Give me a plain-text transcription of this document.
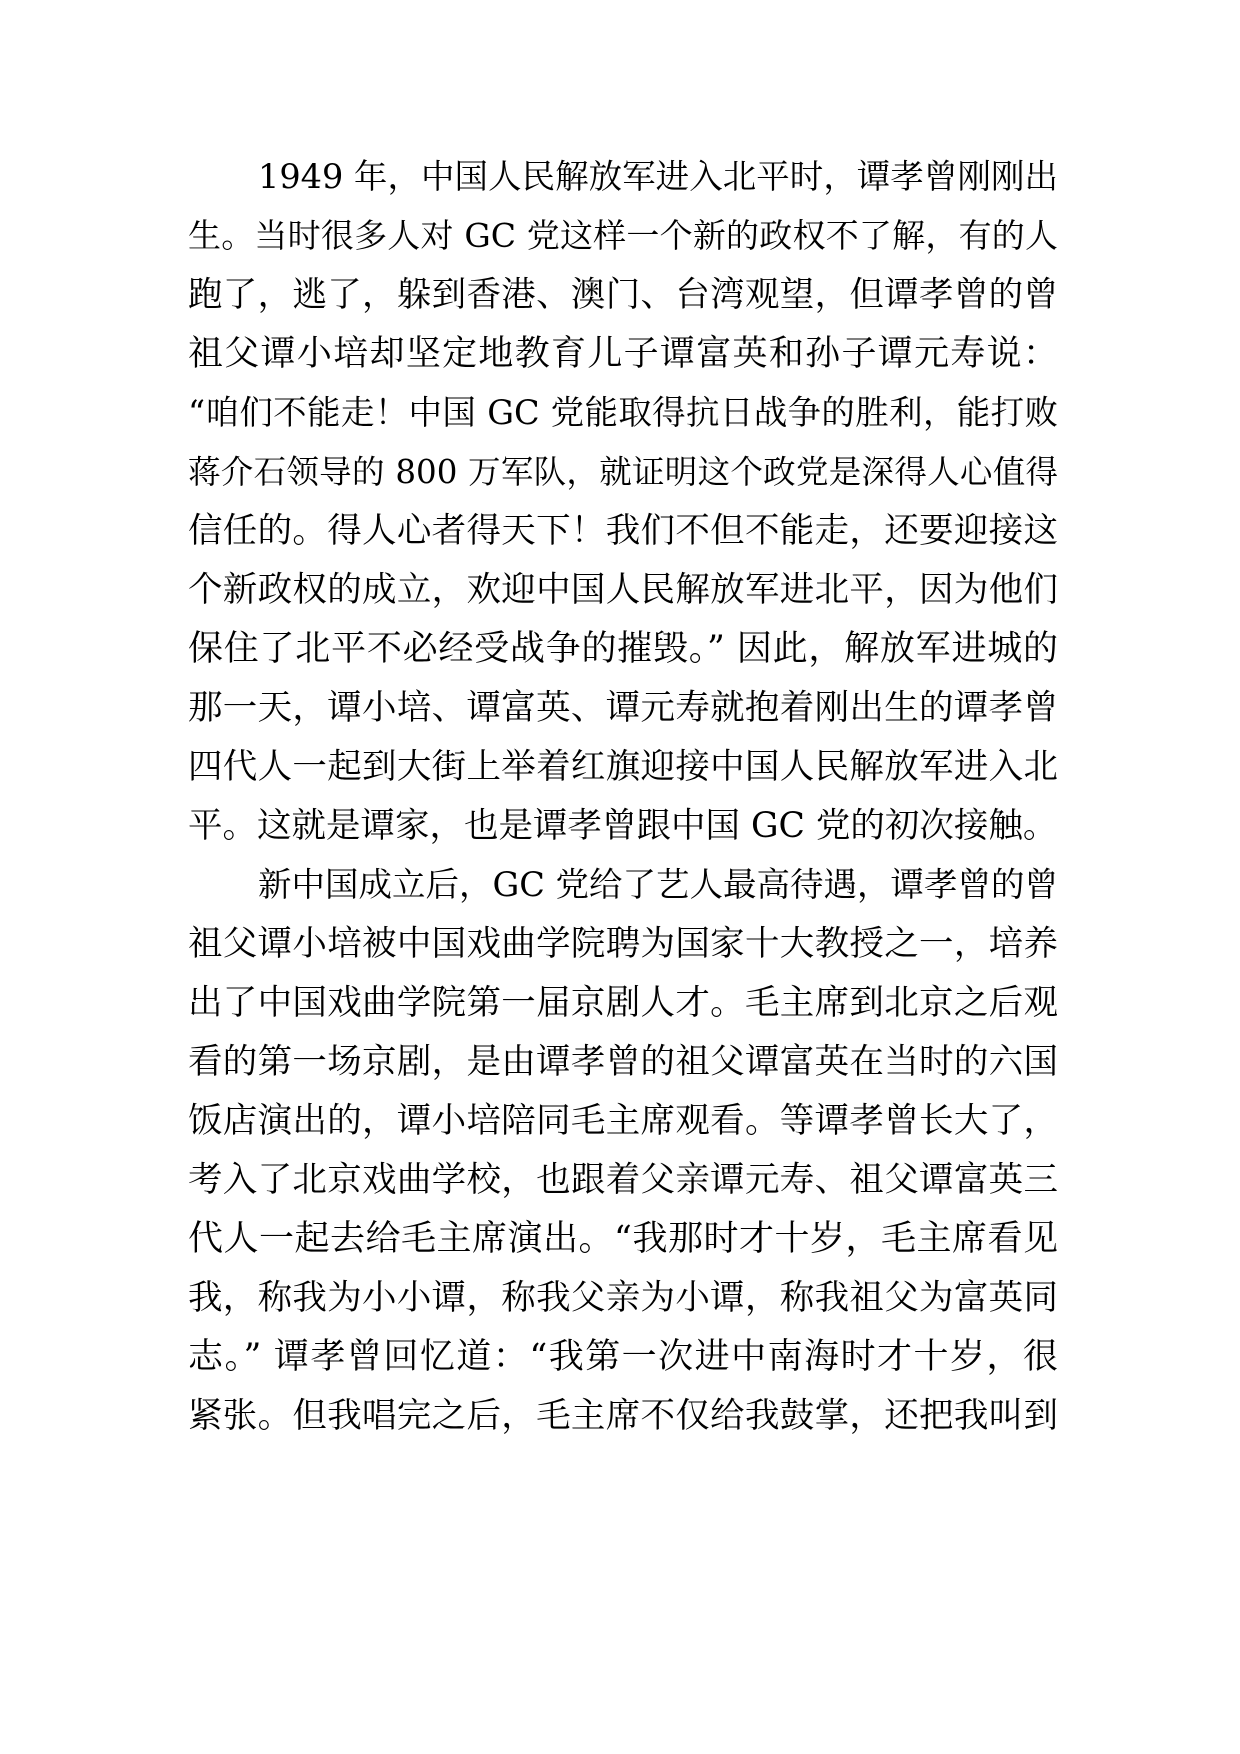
1949 年，中国人民解放军进入北平时，谭孝曾刚刚出
生。当时很多人对 GC 党这样一个新的政权不了解，有的人
跑了，逃了，躲到香港、澳门、台湾观望，但谭孝曾的曾
祖父谭小培却坚定地教育儿子谭富英和孙子谭元寿说：
“咱们不能走！中国 GC 党能取得抗日战争的胜利，能打败
蒋介石领导的 800 万军队，就证明这个政党是深得人心值得
信任的。得人心者得天下！我们不但不能走，还要迎接这
个新政权的成立，欢迎中国人民解放军进北平，因为他们
保住了北平不必经受战争的摧毁。” 因此，解放军进城的
那一天，谭小培、谭富英、谭元寿就抱着刚出生的谭孝曾
四代人一起到大街上举着红旗迎接中国人民解放军进入北
平。这就是谭家，也是谭孝曾跟中国 GC 党的初次接触。
新中国成立后，GC 党给了艺人最高待遇，谭孝曾的曾
祖父谭小培被中国戏曲学院聘为国家十大教授之一，培养
出了中国戏曲学院第一届京剧人才。毛主席到北京之后观
看的第一场京剧，是由谭孝曾的祖父谭富英在当时的六国
饭店演出的，谭小培陪同毛主席观看。等谭孝曾长大了，
考入了北京戏曲学校，也跟着父亲谭元寿、祖父谭富英三
代人一起去给毛主席演出。“我那时才十岁，毛主席看见
我，称我为小小谭，称我父亲为小谭，称我祖父为富英同
志。” 谭孝曾回忆道：“我第一次进中南海时才十岁，很
紧张。但我唱完之后，毛主席不仅给我鼓掌，还把我叫到
